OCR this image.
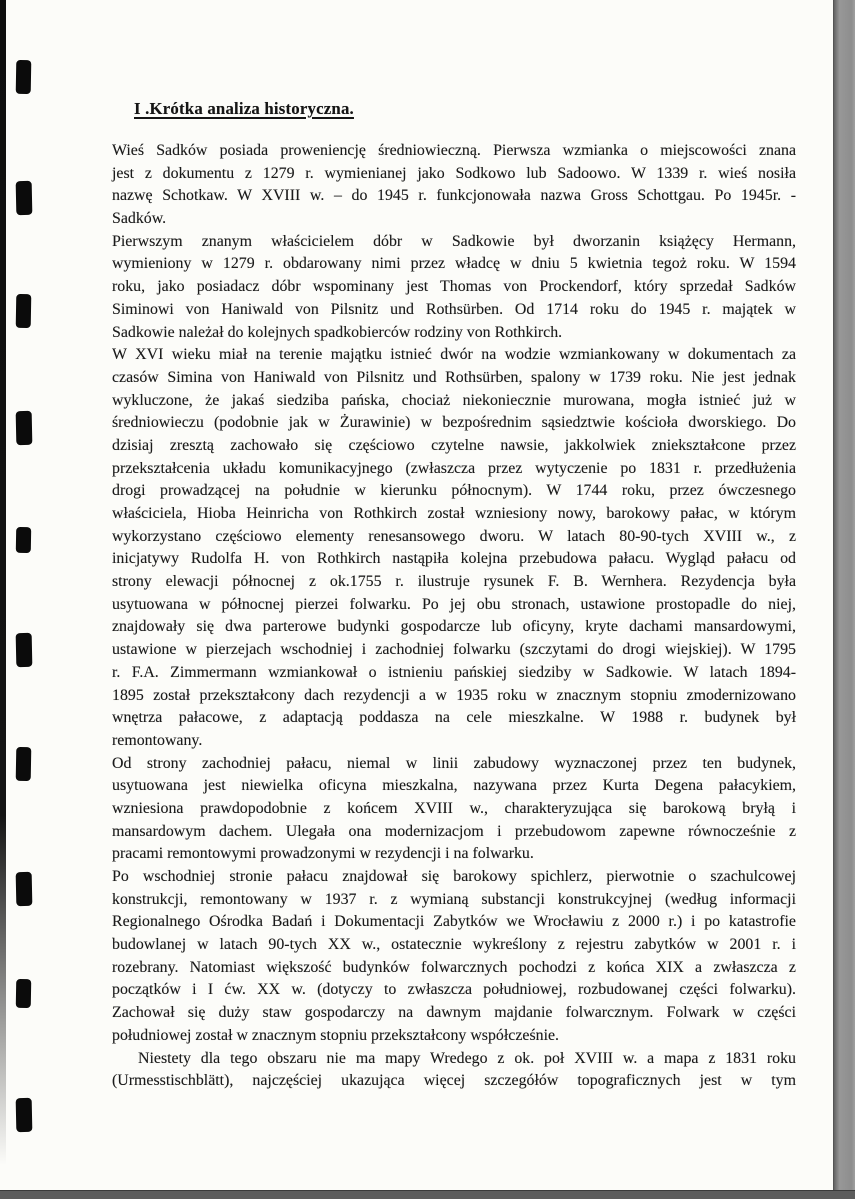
I .Krótka analiza historyczna.
Wieś Sadków posiada proweniencję średniowieczną. Pierwsza wzmianka o miejscowości znana
jest z dokumentu z 1279 r. wymienianej jako Sodkowo lub Sadoowo. W 1339 r. wieś nosiła
nazwę Schotkaw. W XVIII w. – do 1945 r. funkcjonowała nazwa Gross Schottgau. Po 1945r. -
Sadków.
Pierwszym znanym właścicielem dóbr w Sadkowie był dworzanin książęcy Hermann,
wymieniony w 1279 r. obdarowany nimi przez władcę w dniu 5 kwietnia tegoż roku. W 1594
roku, jako posiadacz dóbr wspominany jest Thomas von Prockendorf, który sprzedał Sadków
Siminowi von Haniwald von Pilsnitz und Rothsürben. Od 1714 roku do 1945 r. majątek w
Sadkowie należał do kolejnych spadkobierców rodziny von Rothkirch.
W XVI wieku miał na terenie majątku istnieć dwór na wodzie wzmiankowany w dokumentach za
czasów Simina von Haniwald von Pilsnitz und Rothsürben, spalony w 1739 roku. Nie jest jednak
wykluczone, że jakaś siedziba pańska, chociaż niekoniecznie murowana, mogła istnieć już w
średniowieczu (podobnie jak w Żurawinie) w bezpośrednim sąsiedztwie kościoła dworskiego. Do
dzisiaj zresztą zachowało się częściowo czytelne nawsie, jakkolwiek zniekształcone przez
przekształcenia układu komunikacyjnego (zwłaszcza przez wytyczenie po 1831 r. przedłużenia
drogi prowadzącej na południe w kierunku północnym). W 1744 roku, przez ówczesnego
właściciela, Hioba Heinricha von Rothkirch został wzniesiony nowy, barokowy pałac, w którym
wykorzystano częściowo elementy renesansowego dworu. W latach 80-90-tych XVIII w., z
inicjatywy Rudolfa H. von Rothkirch nastąpiła kolejna przebudowa pałacu. Wygląd pałacu od
strony elewacji północnej z ok.1755 r. ilustruje rysunek F. B. Wernhera. Rezydencja była
usytuowana w północnej pierzei folwarku. Po jej obu stronach, ustawione prostopadle do niej,
znajdowały się dwa parterowe budynki gospodarcze lub oficyny, kryte dachami mansardowymi,
ustawione w pierzejach wschodniej i zachodniej folwarku (szczytami do drogi wiejskiej). W 1795
r. F.A. Zimmermann wzmiankował o istnieniu pańskiej siedziby w Sadkowie. W latach 1894-
1895 został przekształcony dach rezydencji a w 1935 roku w znacznym stopniu zmodernizowano
wnętrza pałacowe, z adaptacją poddasza na cele mieszkalne. W 1988 r. budynek był
remontowany.
Od strony zachodniej pałacu, niemal w linii zabudowy wyznaczonej przez ten budynek,
usytuowana jest niewielka oficyna mieszkalna, nazywana przez Kurta Degena pałacykiem,
wzniesiona prawdopodobnie z końcem XVIII w., charakteryzująca się barokową bryłą i
mansardowym dachem. Ulegała ona modernizacjom i przebudowom zapewne równocześnie z
pracami remontowymi prowadzonymi w rezydencji i na folwarku.
Po wschodniej stronie pałacu znajdował się barokowy spichlerz, pierwotnie o szachulcowej
konstrukcji, remontowany w 1937 r. z wymianą substancji konstrukcyjnej (według informacji
Regionalnego Ośrodka Badań i Dokumentacji Zabytków we Wrocławiu z 2000 r.) i po katastrofie
budowlanej w latach 90-tych XX w., ostatecznie wykreślony z rejestru zabytków w 2001 r. i
rozebrany. Natomiast większość budynków folwarcznych pochodzi z końca XIX a zwłaszcza z
początków i I ćw. XX w. (dotyczy to zwłaszcza południowej, rozbudowanej części folwarku).
Zachował się duży staw gospodarczy na dawnym majdanie folwarcznym. Folwark w części
południowej został w znacznym stopniu przekształcony współcześnie.
Niestety dla tego obszaru nie ma mapy Wredego z ok. poł XVIII w. a mapa z 1831 roku
(Urmesstischblätt), najczęściej ukazująca więcej szczegółów topograficznych jest w tym
